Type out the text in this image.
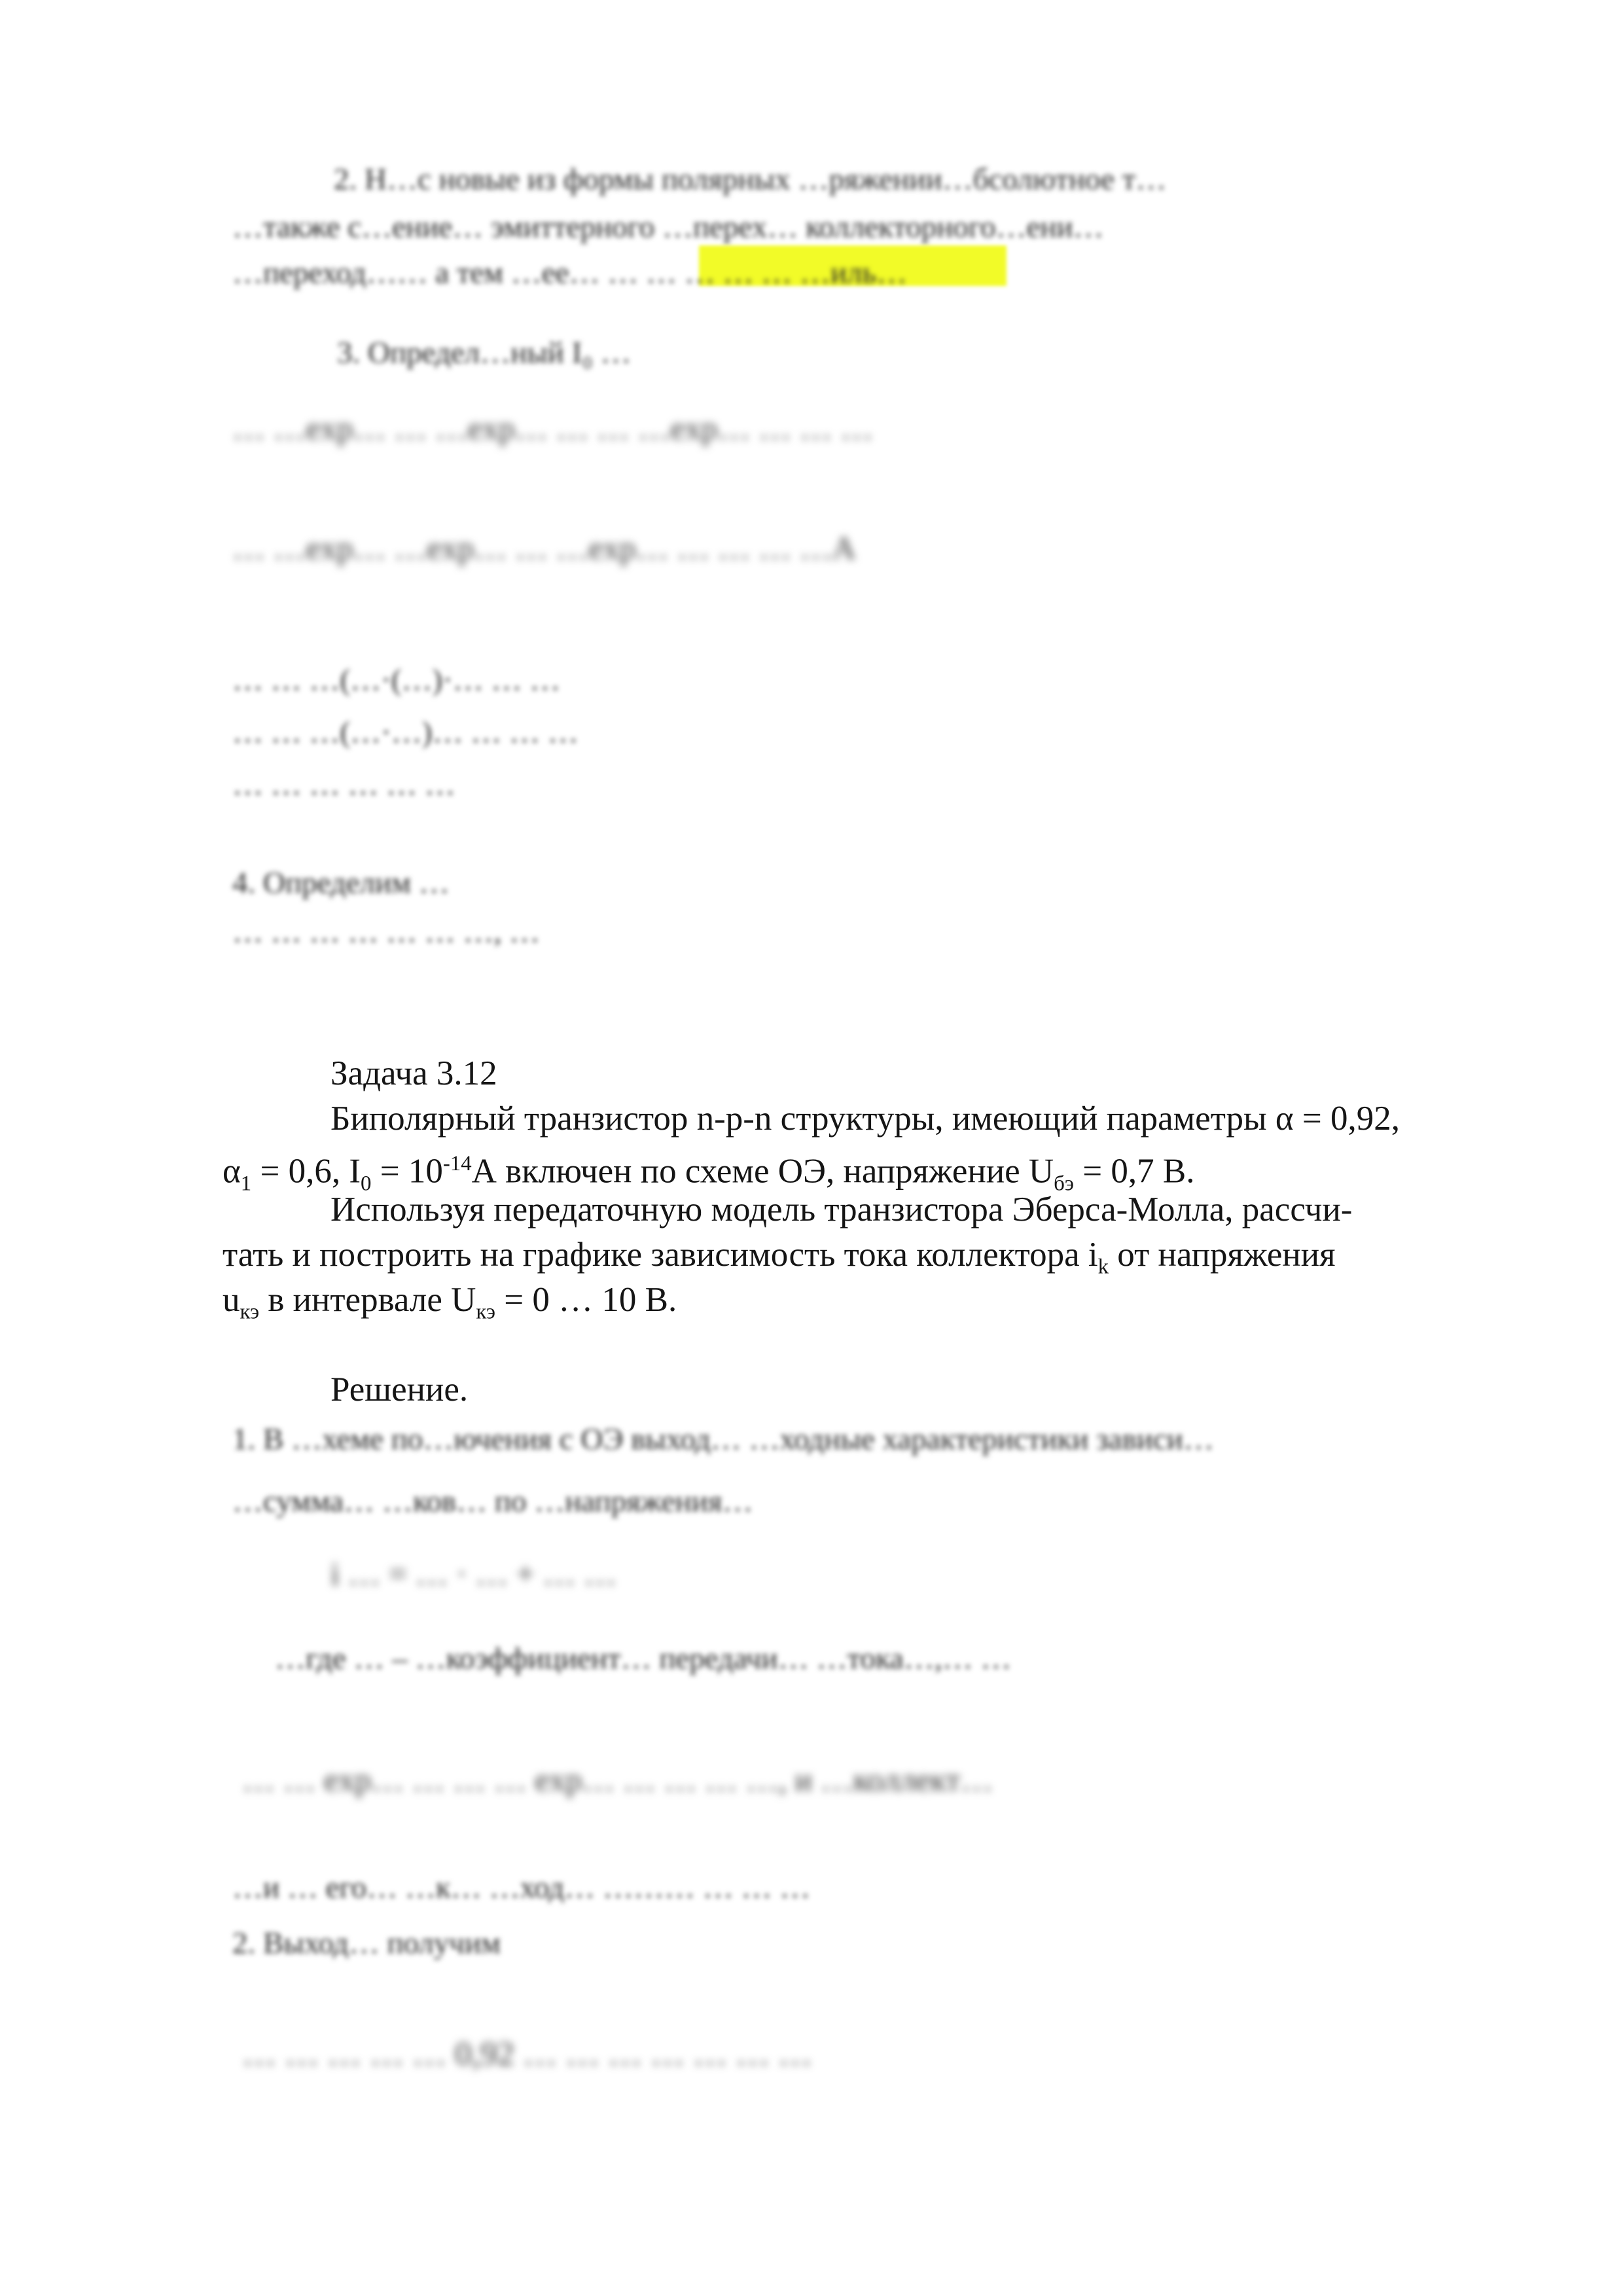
2. Н…с новые из формы полярных …ряжении…бсолютное т…
…также с…ение… эмиттерного …перех… коллекторного…ени…
…переход…… а тем …ее… … … … … … …иль…
3. Определ…ный I₀ …
… …exp… … …exp… … … …exp… … … …
… …exp… …exp… … …exp… … … … …А
… … …(…·(…)·… … …
… … …(…·…)… … … …
… … … … … …
4. Определим …
… … … … … … …, …
Задача 3.12
Биполярный транзистор n-p-n структуры, имеющий параметры α = 0,92,
$\alpha_1 = 0,6$, $I_0 = 10^{-14}А$ включен по схеме ОЭ, напряжение $U_{бэ} = 0,7$ В.
Используя передаточную модель транзистора Эберса-Молла, рассчи-
тать и построить на графике зависимость тока коллектора $i_k$ от напряжения
$u_{кэ}$ в интервале $U_{кэ} = 0$ … 10 В.
Решение.
1. В …хеме по…ючения с ОЭ выход… …ходные характеристики зависи…
…сумма… …ков… по …напряжения…
i … = … · … + … …
…где … – …коэффициент… передачи… …тока…,… …
… … exp… … … … exp… … … … …, и …коллект…
…и … его… …к… …ход… ……… … … …
2. Выход… получим
… … … … … 0,92 … … … … … … …
